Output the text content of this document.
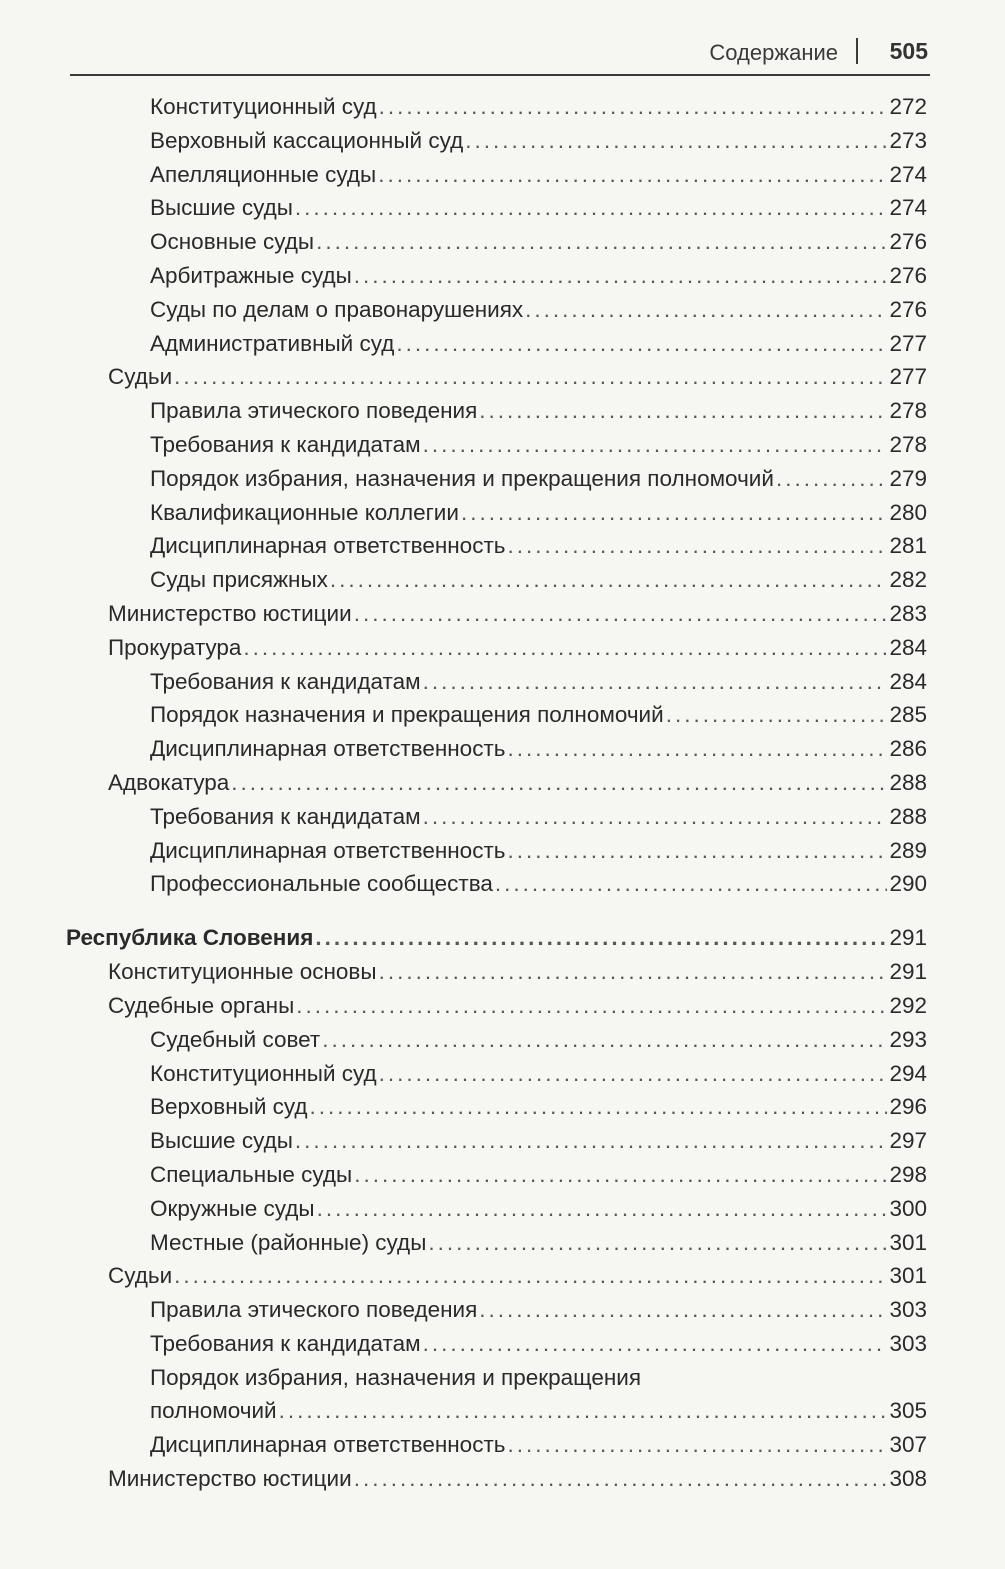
Содержание 505
Конституционный суд .....	272
Верховный кассационный суд .....	273
Апелляционные суды .....	274
Высшие суды .....	274
Основные суды .....	276
Арбитражные суды .....	276
Суды по делам о правонарушениях .....	276
Административный суд .....	277
Судьи .....	277
Правила этического поведения .....	278
Требования к кандидатам .....	278
Порядок избрания, назначения и прекращения полномочий .....	279
Квалификационные коллегии .....	280
Дисциплинарная ответственность .....	281
Суды присяжных .....	282
Министерство юстиции .....	283
Прокуратура .....	284
Требования к кандидатам .....	284
Порядок назначения и прекращения полномочий .....	285
Дисциплинарная ответственность .....	286
Адвокатура .....	288
Требования к кандидатам .....	288
Дисциплинарная ответственность .....	289
Профессиональные сообщества .....	290
Республика Словения .....	291
Конституционные основы .....	291
Судебные органы .....	292
Судебный совет .....	293
Конституционный суд .....	294
Верховный суд .....	296
Высшие суды .....	297
Специальные суды .....	298
Окружные суды .....	300
Местные (районные) суды .....	301
Судьи .....	301
Правила этического поведения .....	303
Требования к кандидатам .....	303
Порядок избрания, назначения и прекращения
полномочий .....	305
Дисциплинарная ответственность .....	307
Министерство юстиции .....	308
